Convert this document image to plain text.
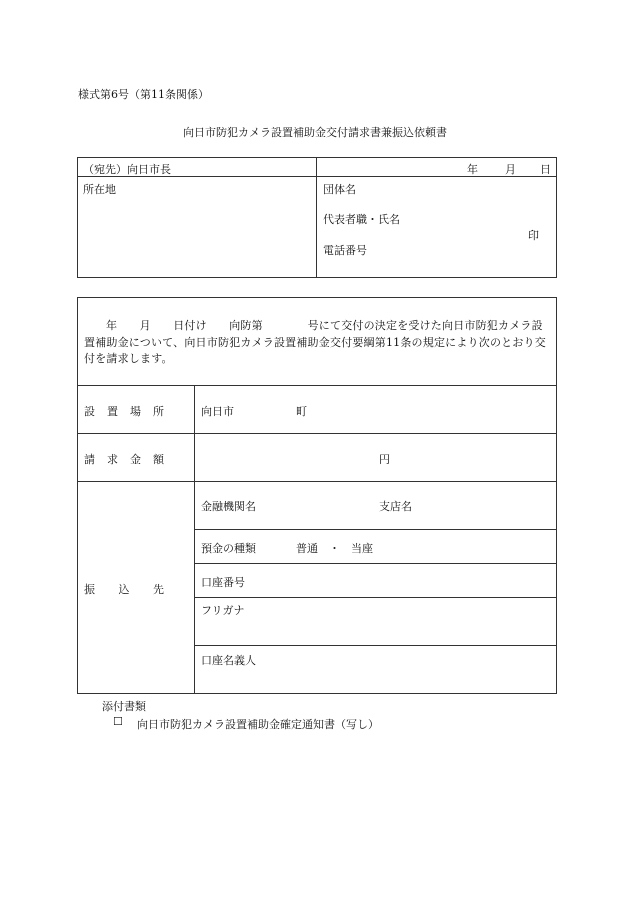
様式第6号（第11条関係）
向日市防犯カメラ設置補助金交付請求書兼振込依頼書
（宛先）向日市長	年 月 日
所在地	団体名
代表者職・氏名
印
電話番号
年　　月　　日付け　　向防第　　　　号にて交付の決定を受けた向日市防犯カメラ設置補助金について、向日市防犯カメラ設置補助金交付要綱第11条の規定により次のとおり交付を請求します。
設　置　場　所	向日市	町
請　求　金　額	円
振　　込　　先
金融機関名	支店名
預金の種類	普通　・　当座
口座番号
フリガナ
口座名義人
添付書類
☐ 向日市防犯カメラ設置補助金確定通知書（写し）
